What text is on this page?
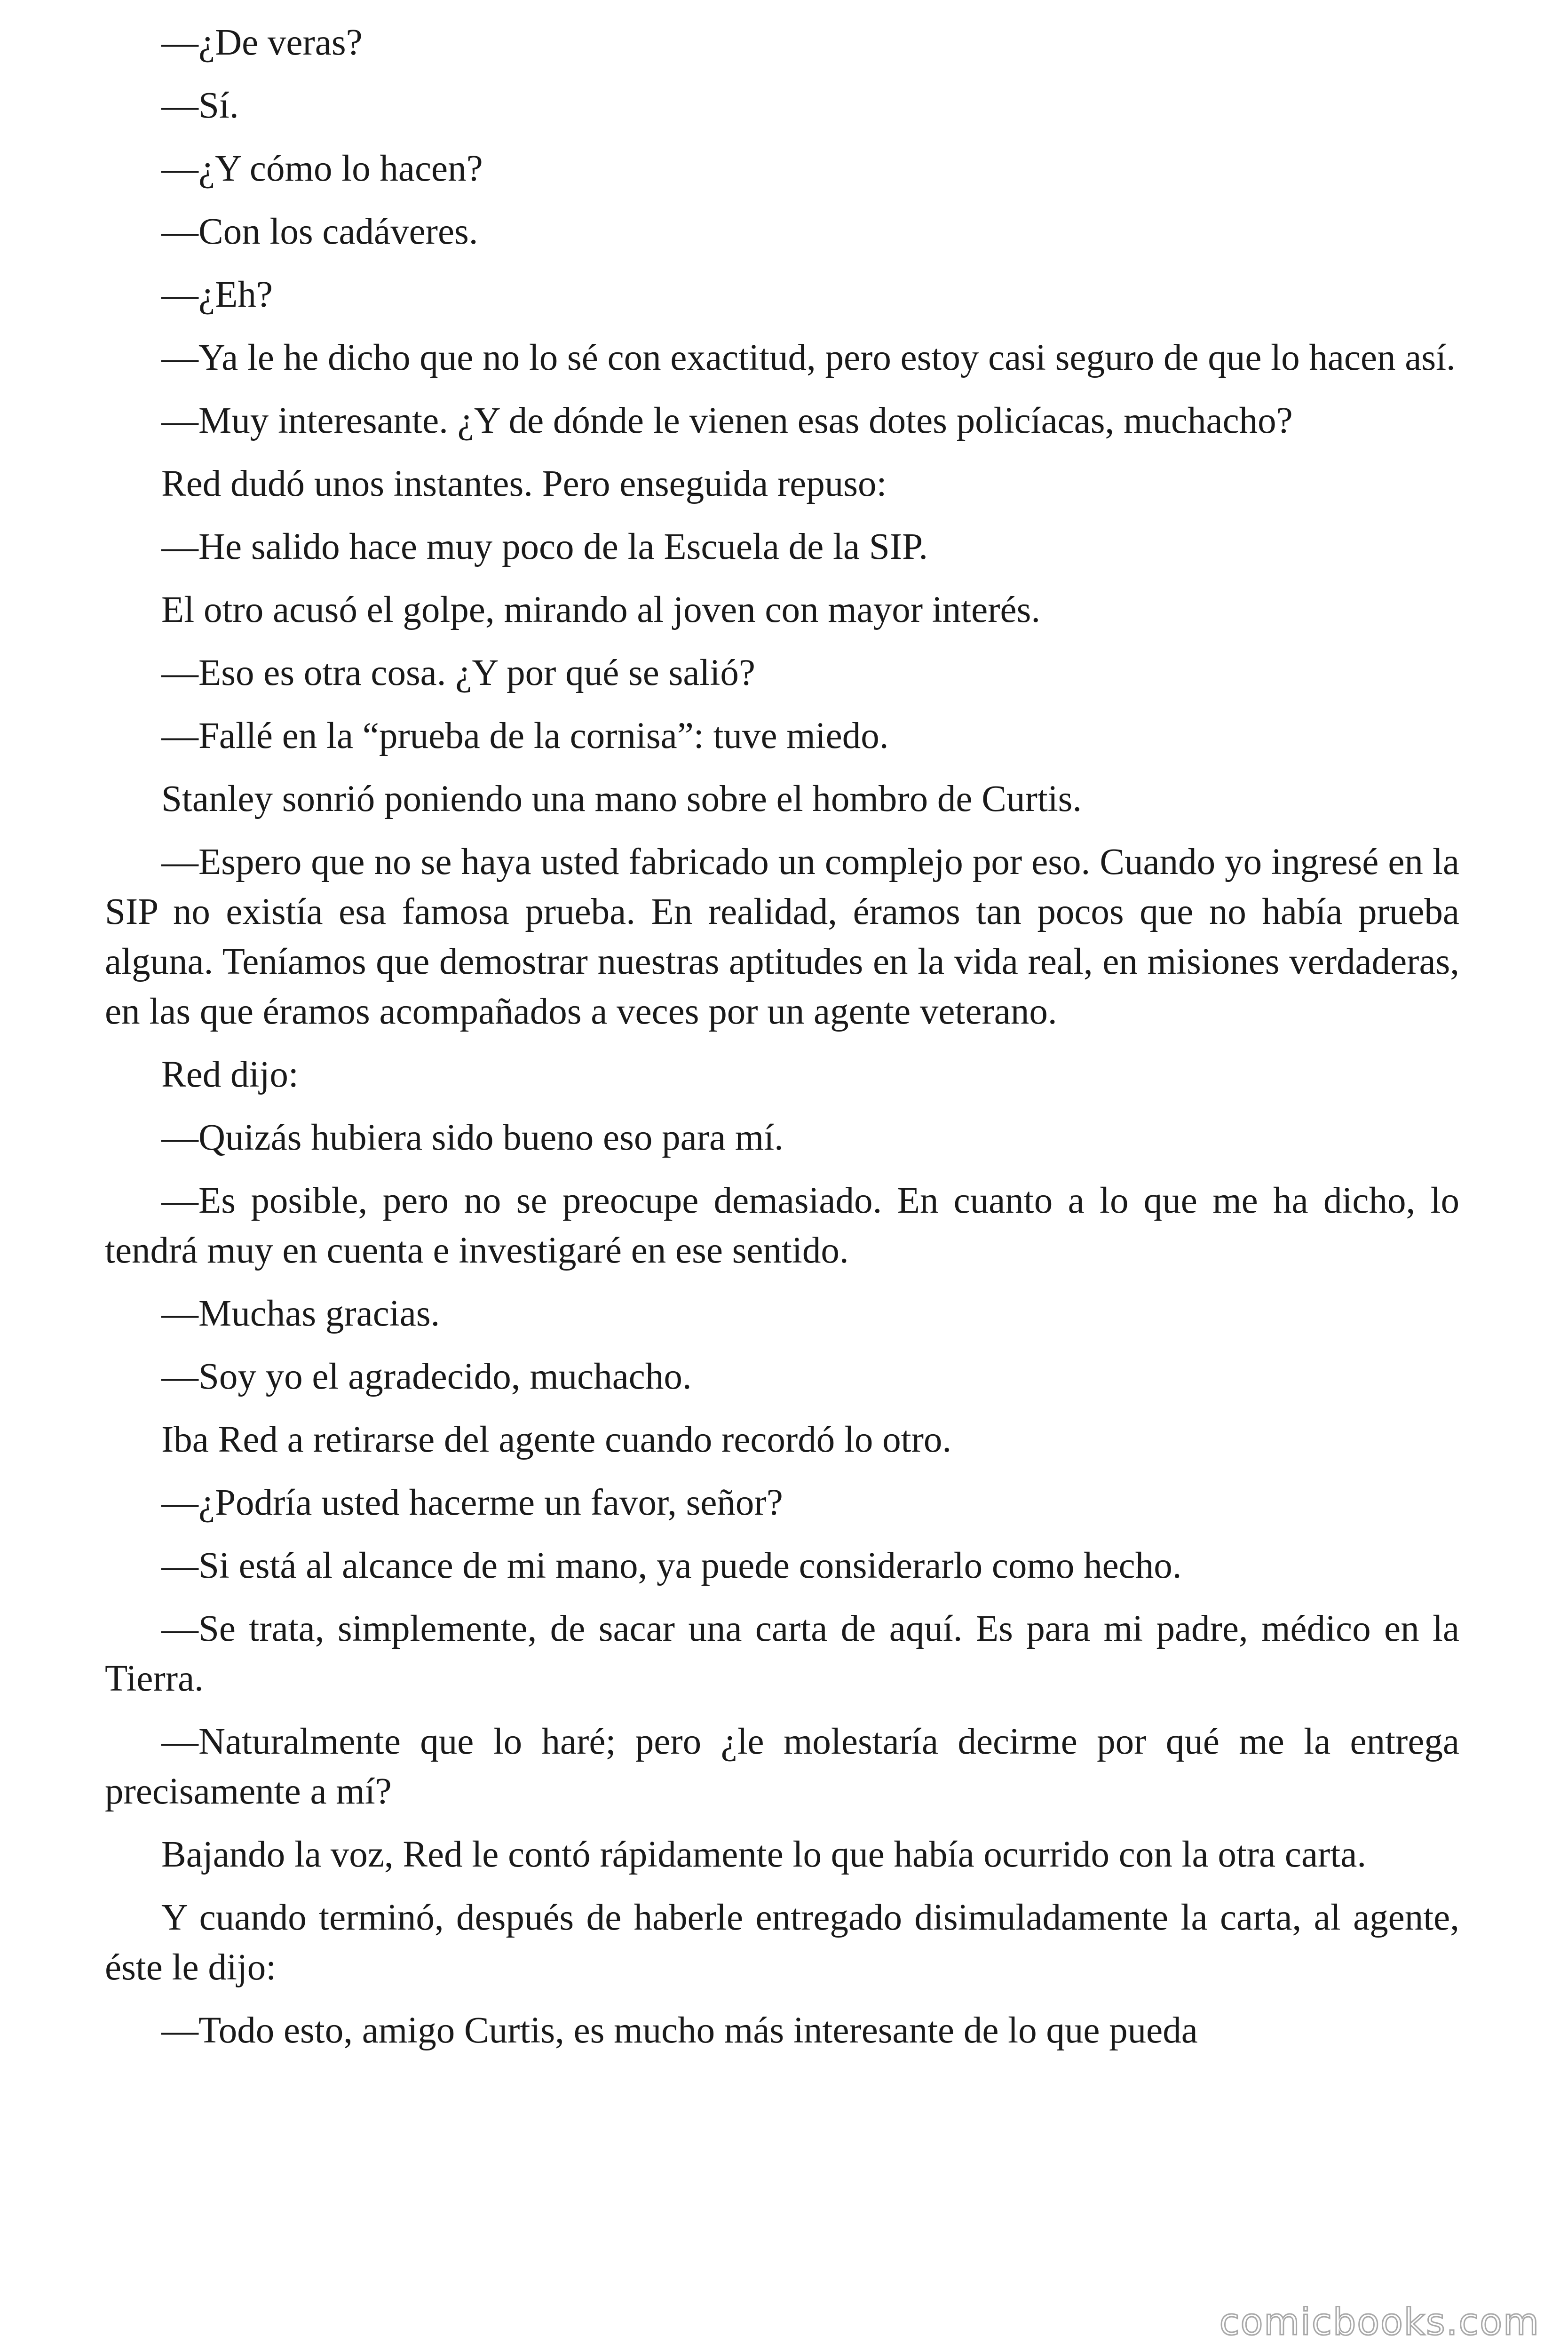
—¿De veras?

—Sí.

—¿Y cómo lo hacen?

—Con los cadáveres.

—¿Eh?

—Ya le he dicho que no lo sé con exactitud, pero estoy casi seguro de que lo hacen así.

—Muy interesante. ¿Y de dónde le vienen esas dotes policíacas, muchacho?

Red dudó unos instantes. Pero enseguida repuso:

—He salido hace muy poco de la Escuela de la SIP.

El otro acusó el golpe, mirando al joven con mayor interés.

—Eso es otra cosa. ¿Y por qué se salió?

—Fallé en la “prueba de la cornisa”: tuve miedo.

Stanley sonrió poniendo una mano sobre el hombro de Curtis.

—Espero que no se haya usted fabricado un complejo por eso. Cuando yo ingresé en la SIP no existía esa famosa prueba. En realidad, éramos tan pocos que no había prueba alguna. Teníamos que demostrar nuestras aptitudes en la vida real, en misiones verdaderas, en las que éramos acompañados a veces por un agente veterano.

Red dijo:

—Quizás hubiera sido bueno eso para mí.

—Es posible, pero no se preocupe demasiado. En cuanto a lo que me ha dicho, lo tendrá muy en cuenta e investigaré en ese sentido.

—Muchas gracias.

—Soy yo el agradecido, muchacho.

Iba Red a retirarse del agente cuando recordó lo otro.

—¿Podría usted hacerme un favor, señor?

—Si está al alcance de mi mano, ya puede considerarlo como hecho.

—Se trata, simplemente, de sacar una carta de aquí. Es para mi padre, médico en la Tierra.

—Naturalmente que lo haré; pero ¿le molestaría decirme por qué me la entrega precisamente a mí?

Bajando la voz, Red le contó rápidamente lo que había ocurrido con la otra carta.

Y cuando terminó, después de haberle entregado disimuladamente la carta, al agente, éste le dijo:

—Todo esto, amigo Curtis, es mucho más interesante de lo que pueda

comicbooks.com
